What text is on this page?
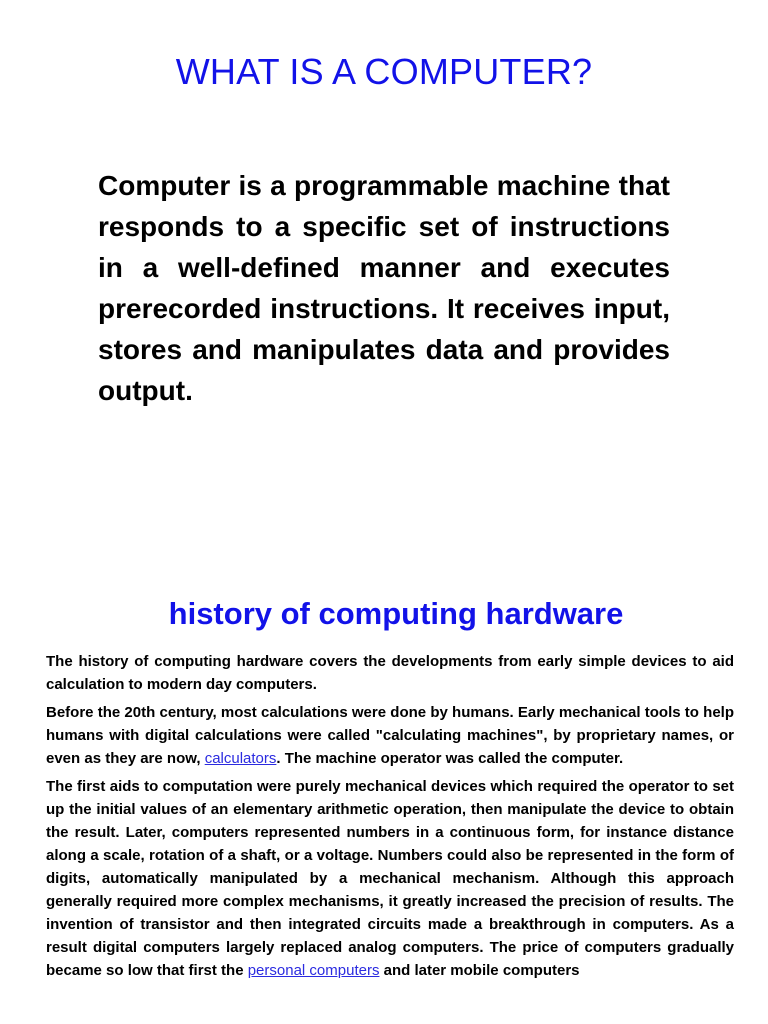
WHAT IS A COMPUTER?

Computer is a programmable machine that responds to a specific set of instructions in a well-defined manner and executes prerecorded instructions. It receives input, stores and manipulates data and provides output.

history of computing hardware

The history of computing hardware covers the developments from early simple devices to aid calculation to modern day computers.

Before the 20th century, most calculations were done by humans. Early mechanical tools to help humans with digital calculations were called "calculating machines", by proprietary names, or even as they are now, calculators. The machine operator was called the computer.

The first aids to computation were purely mechanical devices which required the operator to set up the initial values of an elementary arithmetic operation, then manipulate the device to obtain the result. Later, computers represented numbers in a continuous form, for instance distance along a scale, rotation of a shaft, or a voltage. Numbers could also be represented in the form of digits, automatically manipulated by a mechanical mechanism. Although this approach generally required more complex mechanisms, it greatly increased the precision of results. The invention of transistor and then integrated circuits made a breakthrough in computers. As a result digital computers largely replaced analog computers. The price of computers gradually became so low that first the personal computers and later mobile computers
